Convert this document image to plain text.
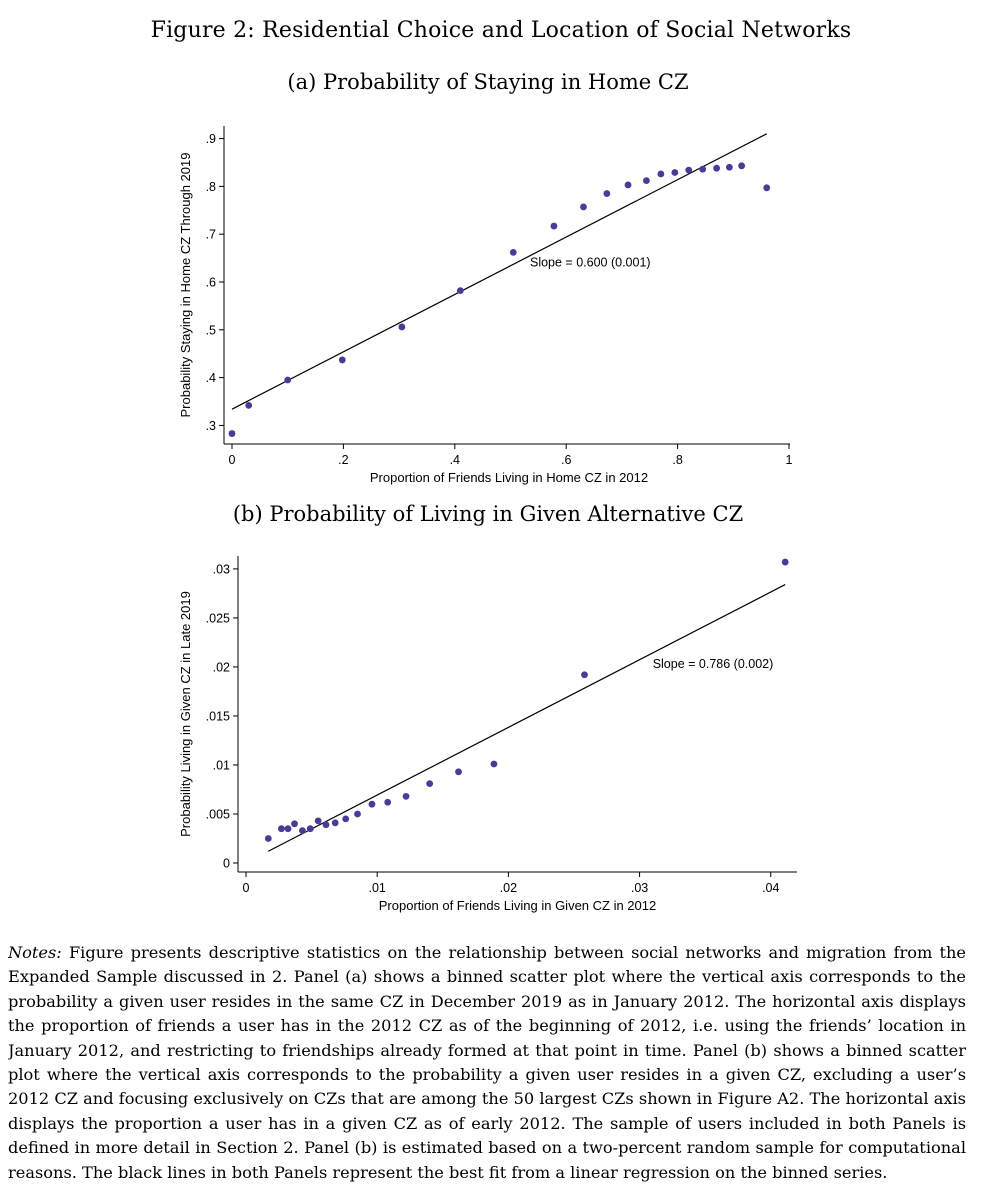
Figure 2: Residential Choice and Location of Social Networks
(a) Probability of Staying in Home CZ
.3
.4
.5
.6
.7
.8
.9
0	.2	.4	.6	.8	1
Proportion of Friends Living in Home CZ in 2012
Probability Staying in Home CZ Through 2019	Slope = 0.600 (0.001)
(b) Probability of Living in Given Alternative CZ
0
.005
.01
.015
.02
.025
.03
0	.01	.02	.03	.04
Proportion of Friends Living in Given CZ in 2012
Probability Living in Given CZ in Late 2019	Slope = 0.786 (0.002)
Notes: Figure presents descriptive statistics on the relationship between social networks and migration from the Expanded Sample discussed in 2. Panel (a) shows a binned scatter plot where the vertical axis corresponds to the probability a given user resides in the same CZ in December 2019 as in January 2012. The horizontal axis displays the proportion of friends a user has in the 2012 CZ as of the beginning of 2012, i.e. using the friends’ location in January 2012, and restricting to friendships already formed at that point in time. Panel (b) shows a binned scatter plot where the vertical axis corresponds to the probability a given user resides in a given CZ, excluding a user’s 2012 CZ and focusing exclusively on CZs that are among the 50 largest CZs shown in Figure A2. The horizontal axis displays the proportion a user has in a given CZ as of early 2012. The sample of users included in both Panels is defined in more detail in Section 2. Panel (b) is estimated based on a two-percent random sample for computational reasons. The black lines in both Panels represent the best fit from a linear regression on the binned series.
